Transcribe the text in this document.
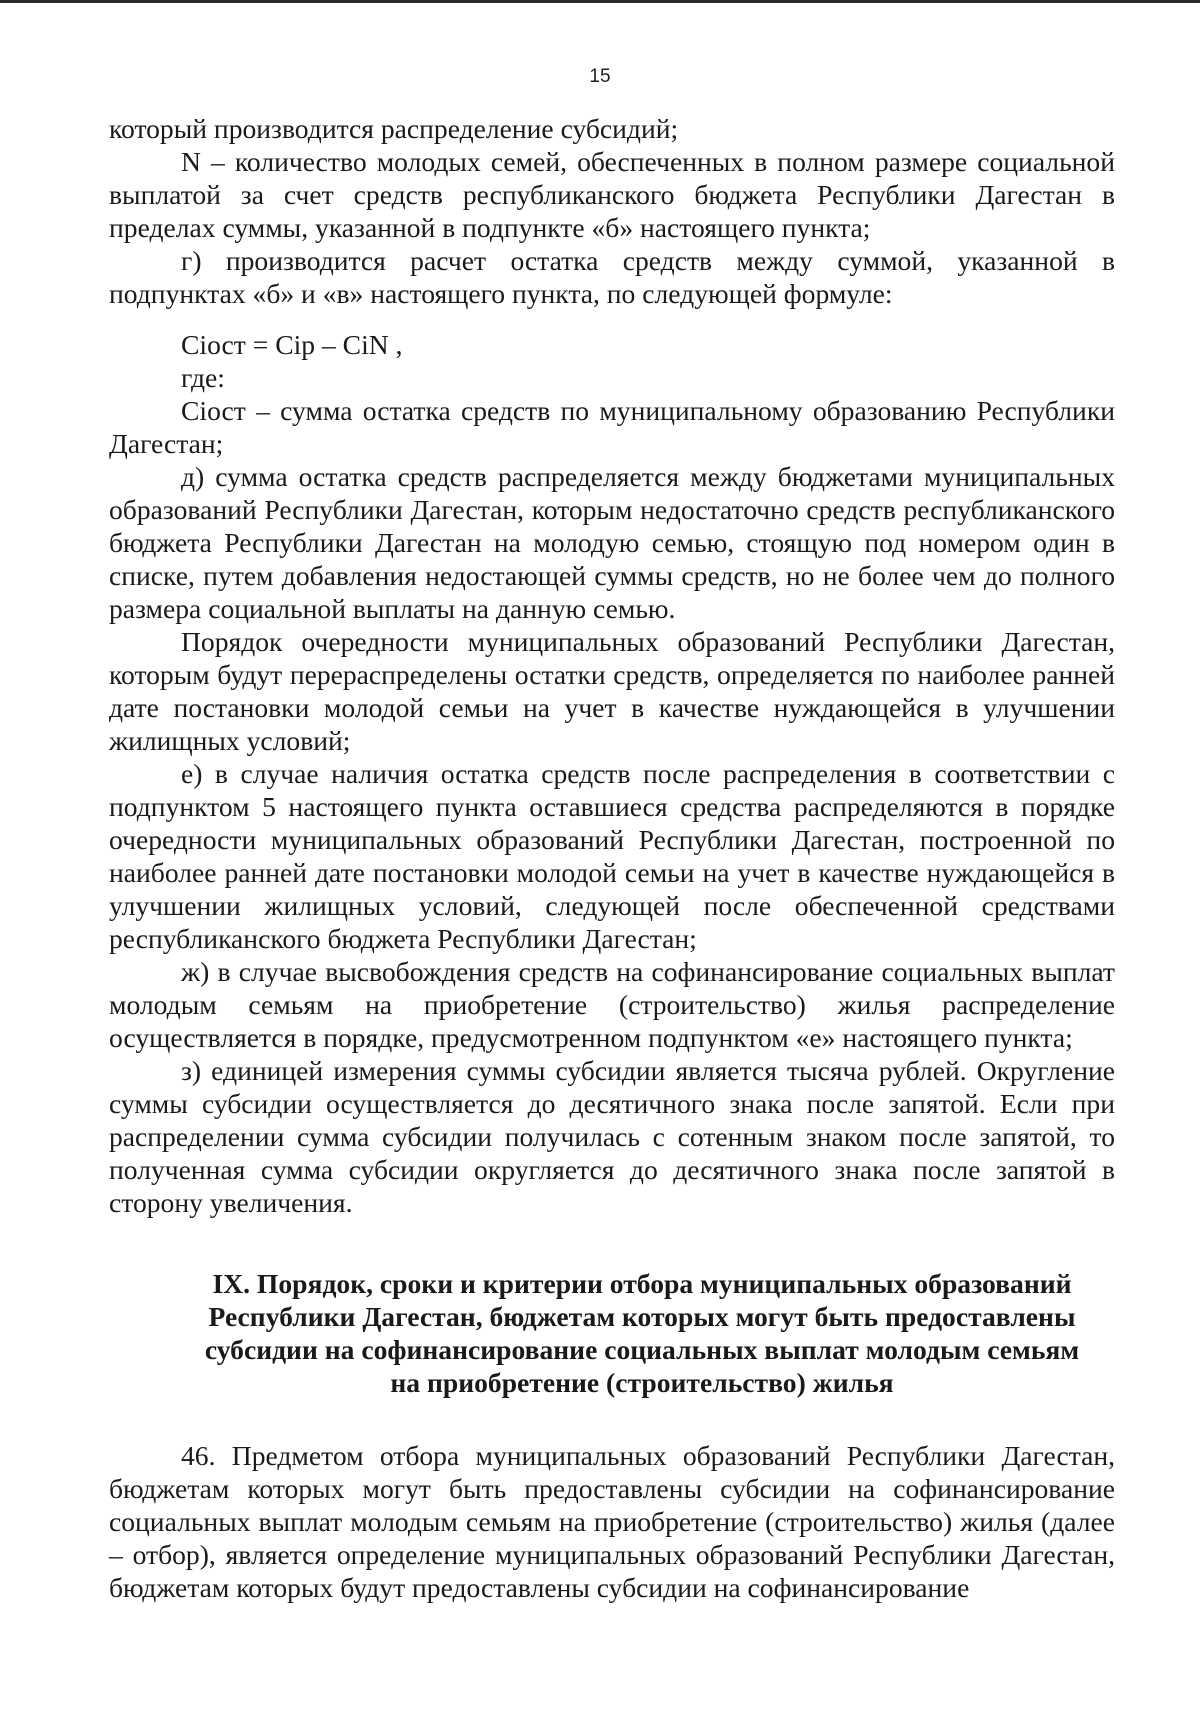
15

который производится распределение субсидий;

N – количество молодых семей, обеспеченных в полном размере социальной выплатой за счет средств республиканского бюджета Республики Дагестан в пределах суммы, указанной в подпункте «б» настоящего пункта;

г) производится расчет остатка средств между суммой, указанной в подпунктах «б» и «в» настоящего пункта, по следующей формуле:

Ciост = Cip – CiN ,

где:

Ciост – сумма остатка средств по муниципальному образованию Республики Дагестан;

д) сумма остатка средств распределяется между бюджетами муниципальных образований Республики Дагестан, которым недостаточно средств республиканского бюджета Республики Дагестан на молодую семью, стоящую под номером один в списке, путем добавления недостающей суммы средств, но не более чем до полного размера социальной выплаты на данную семью.

Порядок очередности муниципальных образований Республики Дагестан, которым будут перераспределены остатки средств, определяется по наиболее ранней дате постановки молодой семьи на учет в качестве нуждающейся в улучшении жилищных условий;

е) в случае наличия остатка средств после распределения в соответствии с подпунктом 5 настоящего пункта оставшиеся средства распределяются в порядке очередности муниципальных образований Республики Дагестан, построенной по наиболее ранней дате постановки молодой семьи на учет в качестве нуждающейся в улучшении жилищных условий, следующей после обеспеченной средствами республиканского бюджета Республики Дагестан;

ж) в случае высвобождения средств на софинансирование социальных выплат молодым семьям на приобретение (строительство) жилья распределение осуществляется в порядке, предусмотренном подпунктом «е» настоящего пункта;

з) единицей измерения суммы субсидии является тысяча рублей. Округление суммы субсидии осуществляется до десятичного знака после запятой. Если при распределении сумма субсидии получилась с сотенным знаком после запятой, то полученная сумма субсидии округляется до десятичного знака после запятой в сторону увеличения.

IX. Порядок, сроки и критерии отбора муниципальных образований
Республики Дагестан, бюджетам которых могут быть предоставлены
субсидии на софинансирование социальных выплат молодым семьям
на приобретение (строительство) жилья

46. Предметом отбора муниципальных образований Республики Дагестан, бюджетам которых могут быть предоставлены субсидии на софинансирование социальных выплат молодым семьям на приобретение (строительство) жилья (далее – отбор), является определение муниципальных образований Республики Дагестан, бюджетам которых будут предоставлены субсидии на софинансирование
